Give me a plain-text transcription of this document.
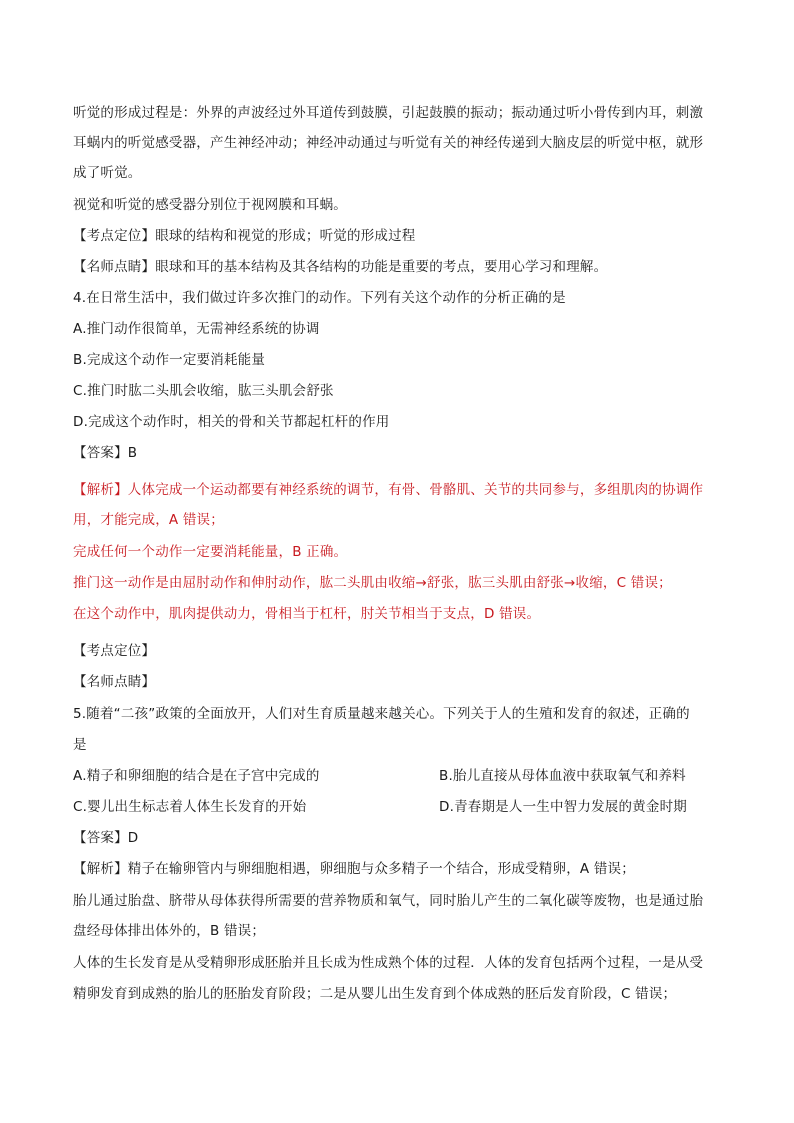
听觉的形成过程是：外界的声波经过外耳道传到鼓膜，引起鼓膜的振动；振动通过听小骨传到内耳，刺激
耳蜗内的听觉感受器，产生神经冲动；神经冲动通过与听觉有关的神经传递到大脑皮层的听觉中枢，就形
成了听觉。
视觉和听觉的感受器分别位于视网膜和耳蜗。
【考点定位】眼球的结构和视觉的形成；听觉的形成过程
【名师点睛】眼球和耳的基本结构及其各结构的功能是重要的考点，要用心学习和理解。
4.在日常生活中，我们做过许多次推门的动作。下列有关这个动作的分析正确的是
A.推门动作很简单，无需神经系统的协调
B.完成这个动作一定要消耗能量
C.推门时肱二头肌会收缩，肱三头肌会舒张
D.完成这个动作时，相关的骨和关节都起杠杆的作用
【答案】B
【解析】人体完成一个运动都要有神经系统的调节，有骨、骨骼肌、关节的共同参与，多组肌肉的协调作
用，才能完成，A 错误；
完成任何一个动作一定要消耗能量，B 正确。
推门这一动作是由屈肘动作和伸肘动作，肱二头肌由收缩→舒张，肱三头肌由舒张→收缩，C 错误；
在这个动作中，肌肉提供动力，骨相当于杠杆，肘关节相当于支点，D 错误。
【考点定位】
【名师点睛】
5.随着“二孩”政策的全面放开，人们对生育质量越来越关心。下列关于人的生殖和发育的叙述，正确的
是
A.精子和卵细胞的结合是在子宫中完成的	B.胎儿直接从母体血液中获取氧气和养料
C.婴儿出生标志着人体生长发育的开始	D.青春期是人一生中智力发展的黄金时期
【答案】D
【解析】精子在输卵管内与卵细胞相遇，卵细胞与众多精子一个结合，形成受精卵，A 错误；
胎儿通过胎盘、脐带从母体获得所需要的营养物质和氧气，同时胎儿产生的二氧化碳等废物，也是通过胎
盘经母体排出体外的，B 错误；
人体的生长发育是从受精卵形成胚胎并且长成为性成熟个体的过程．人体的发育包括两个过程，一是从受
精卵发育到成熟的胎儿的胚胎发育阶段；二是从婴儿出生发育到个体成熟的胚后发育阶段，C 错误；
